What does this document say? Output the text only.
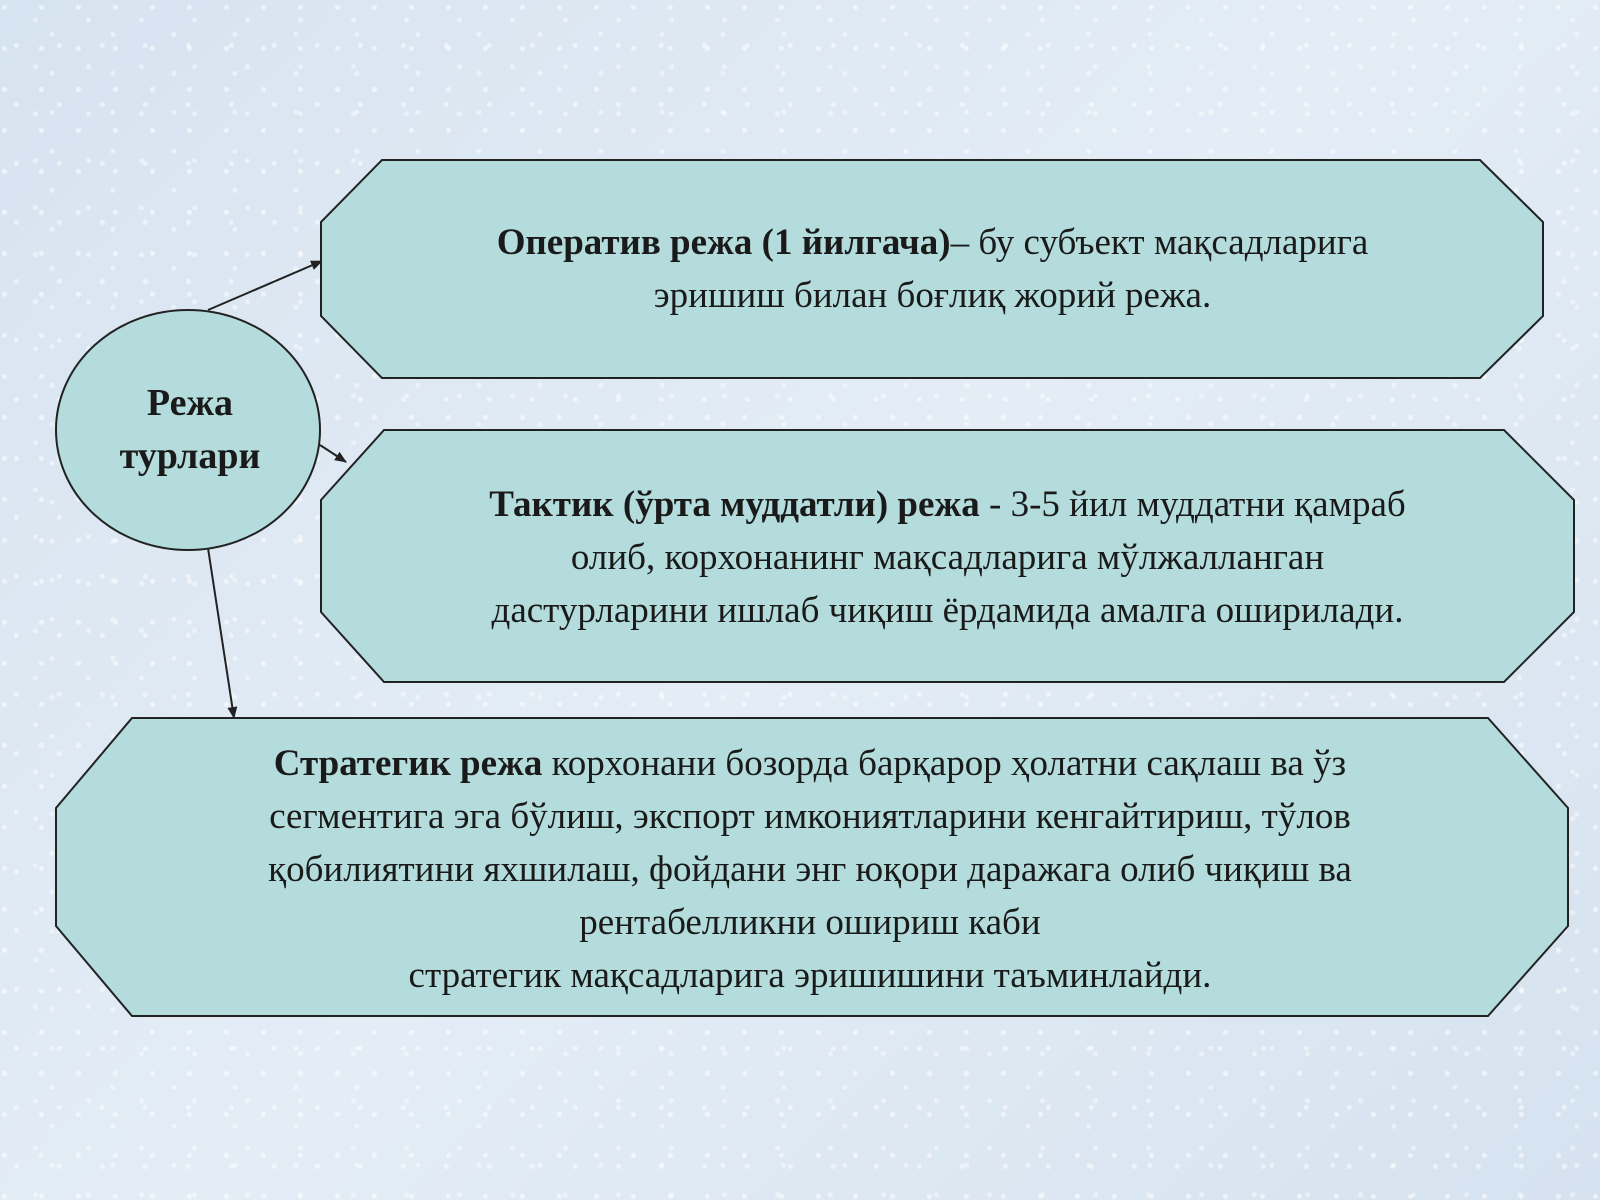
Режа
турлари
Оператив режа (1 йилгача)– бу субъект мақсадларига
эришиш билан боғлиқ жорий режа.
Тактик (ўрта муддатли) режа - 3-5 йил муддатни қамраб
олиб, корхонанинг мақсадларига мўлжалланган
дастурларини ишлаб чиқиш ёрдамида амалга оширилади.
Стратегик режа корхонани бозорда барқарор ҳолатни сақлаш ва ўз
сегментига эга бўлиш, экспорт имкониятларини кенгайтириш, тўлов
қобилиятини яхшилаш, фойдани энг юқори даражага олиб чиқиш ва
рентабелликни ошириш каби
стратегик мақсадларига эришишини таъминлайди.
